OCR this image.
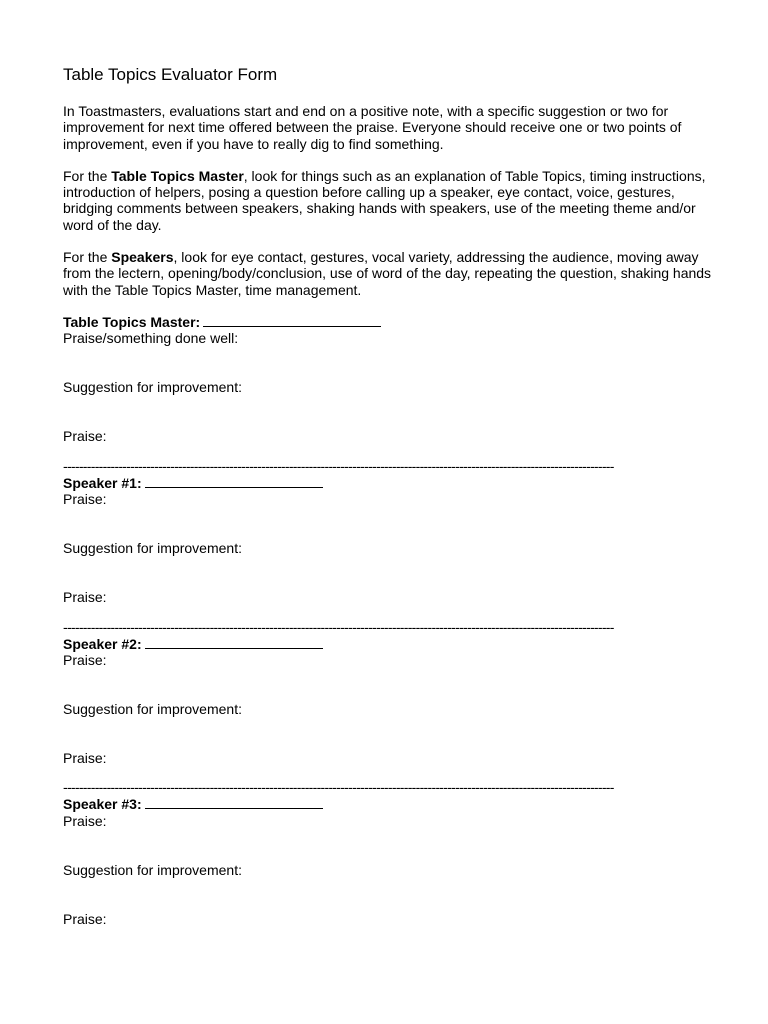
Table Topics Evaluator Form

In Toastmasters, evaluations start and end on a positive note, with a specific suggestion or two for improvement for next time offered between the praise. Everyone should receive one or two points of improvement, even if you have to really dig to find something.

For the Table Topics Master, look for things such as an explanation of Table Topics, timing instructions, introduction of helpers, posing a question before calling up a speaker, eye contact, voice, gestures, bridging comments between speakers, shaking hands with speakers, use of the meeting theme and/or word of the day.

For the Speakers, look for eye contact, gestures, vocal variety, addressing the audience, moving away from the lectern, opening/body/conclusion, use of word of the day, repeating the question, shaking hands with the Table Topics Master, time management.

Table Topics Master:
Praise/something done well:
Suggestion for improvement:
Praise:
-------------------------------------------------------------------------------------------------------------------------------------------
Speaker #1:
Praise:
Suggestion for improvement:
Praise:
-------------------------------------------------------------------------------------------------------------------------------------------
Speaker #2:
Praise:
Suggestion for improvement:
Praise:
-------------------------------------------------------------------------------------------------------------------------------------------
Speaker #3:
Praise:
Suggestion for improvement:
Praise:
